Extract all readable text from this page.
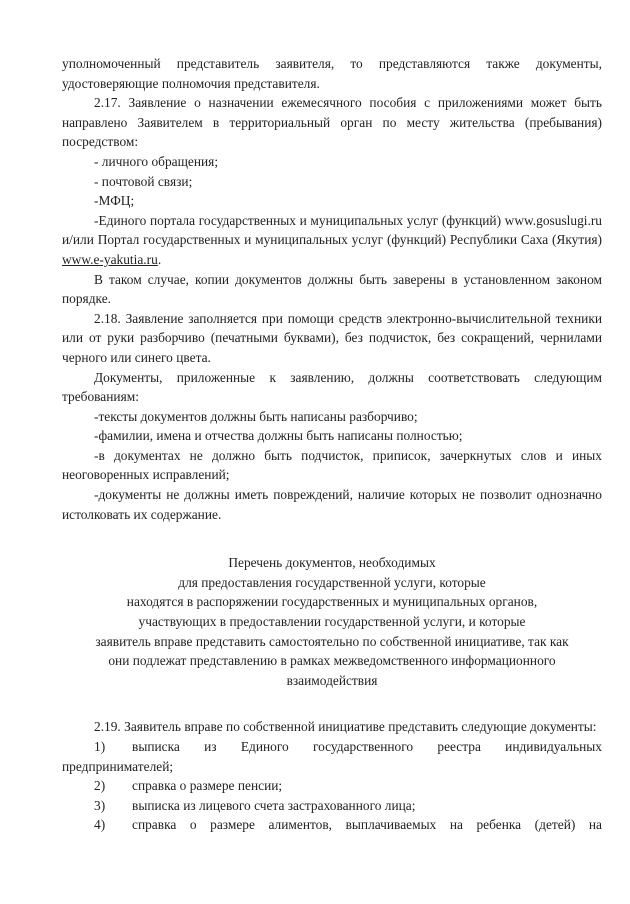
уполномоченный представитель заявителя, то представляются также документы,

удостоверяющие полномочия представителя.

2.17. Заявление о назначении ежемесячного пособия с приложениями может быть направлено Заявителем в территориальный орган по месту жительства (пребывания) посредством:

- личного обращения;

- почтовой связи;

-МФЦ;

-Единого портала государственных и муниципальных услуг (функций) www.gosuslugi.ru и/или Портал государственных и муниципальных услуг (функций) Республики Саха (Якутия) www.e-yakutia.ru.

В таком случае, копии документов должны быть заверены в установленном законом порядке.

2.18. Заявление заполняется при помощи средств электронно-вычислительной техники или от руки разборчиво (печатными буквами), без подчисток, без сокращений, чернилами черного или синего цвета.

Документы, приложенные к заявлению, должны соответствовать следующим требованиям:

-тексты документов должны быть написаны разборчиво;

-фамилии, имена и отчества должны быть написаны полностью;

-в документах не должно быть подчисток, приписок, зачеркнутых слов и иных неоговоренных исправлений;

-документы не должны иметь повреждений, наличие которых не позволит однозначно истолковать их содержание.

Перечень документов, необходимых
для предоставления государственной услуги, которые
находятся в распоряжении государственных и муниципальных органов,
участвующих в предоставлении государственной услуги, и которые
заявитель вправе представить самостоятельно по собственной инициативе, так как
они подлежат представлению в рамках межведомственного информационного
взаимодействия

2.19. Заявитель вправе по собственной инициативе представить следующие документы:

1) выписка из Единого государственного реестра индивидуальных предпринимателей;

2)	справка о размере пенсии;
3)	выписка из лицевого счета застрахованного лица;
4)	справка о размере алиментов, выплачиваемых на ребенка (детей) на
